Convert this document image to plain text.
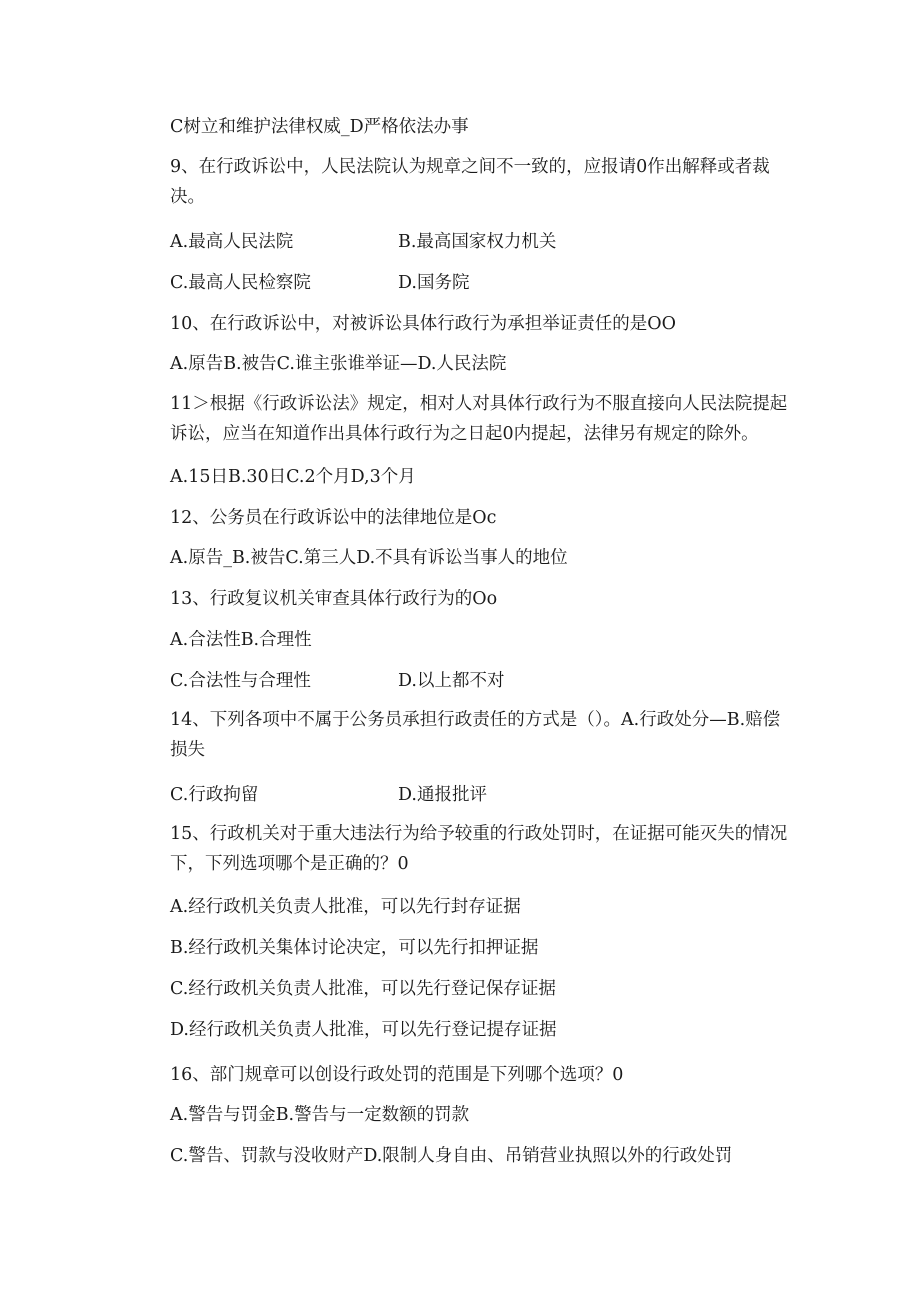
C树立和维护法律权威_D严格依法办事
9、在行政诉讼中，人民法院认为规章之间不一致的，应报请0作出解释或者裁决。
A.最高人民法院	B.最高国家权力机关
C.最高人民检察院	D.国务院
10、在行政诉讼中，对被诉讼具体行政行为承担举证责任的是OO
A.原告B.被告C.谁主张谁举证—D.人民法院
11＞根据《行政诉讼法》规定，相对人对具体行政行为不服直接向人民法院提起诉讼，应当在知道作出具体行政行为之日起0内提起，法律另有规定的除外。
A.15日B.30日C.2个月D,3个月
12、公务员在行政诉讼中的法律地位是Oc
A.原告_B.被告C.第三人D.不具有诉讼当事人的地位
13、行政复议机关审查具体行政行为的Oo
A.合法性B.合理性
C.合法性与合理性	D.以上都不对
14、下列各项中不属于公务员承担行政责任的方式是（）。A.行政处分—B.赔偿损失
C.行政拘留	D.通报批评
15、行政机关对于重大违法行为给予较重的行政处罚时，在证据可能灭失的情况下，下列选项哪个是正确的？0
A.经行政机关负责人批准，可以先行封存证据
B.经行政机关集体讨论决定，可以先行扣押证据
C.经行政机关负责人批准，可以先行登记保存证据
D.经行政机关负责人批准，可以先行登记提存证据
16、部门规章可以创设行政处罚的范围是下列哪个选项？0
A.警告与罚金B.警告与一定数额的罚款
C.警告、罚款与没收财产D.限制人身自由、吊销营业执照以外的行政处罚
